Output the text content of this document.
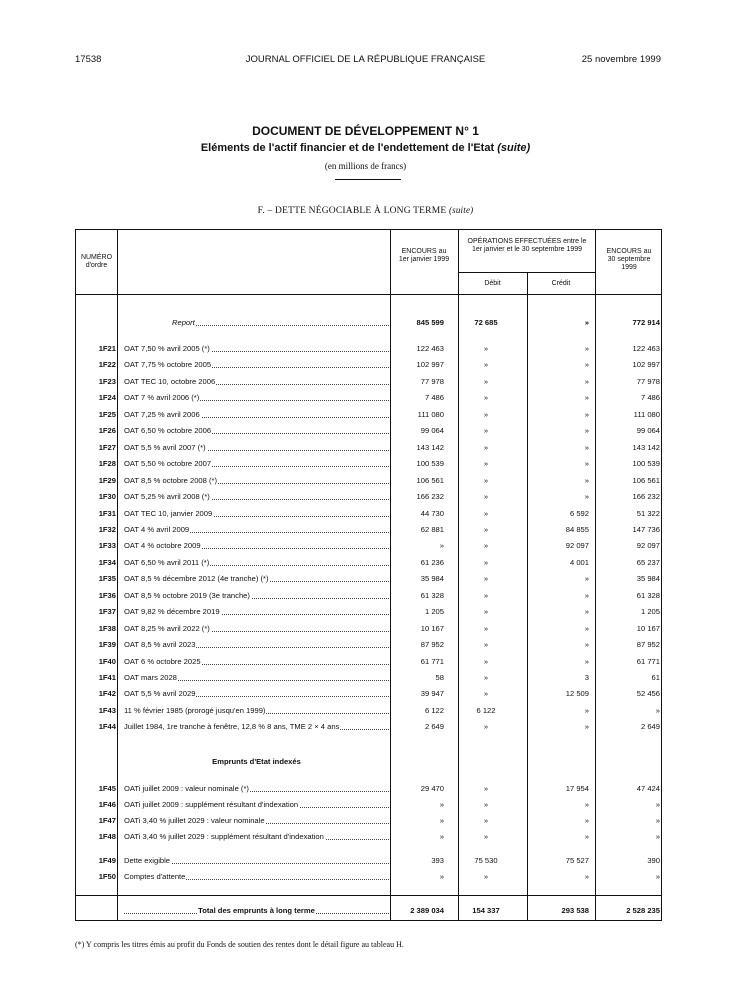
17538	JOURNAL OFFICIEL DE LA RÉPUBLIQUE FRANÇAISE	25 novembre 1999
DOCUMENT DE DÉVELOPPEMENT N° 1
Eléments de l'actif financier et de l'endettement de l'Etat (suite)
(en millions de francs)
F. – DETTE NÉGOCIABLE À LONG TERME (suite)
NUMÉRO d'ordre
ENCOURS au 1er janvier 1999
OPÉRATIONS EFFECTUÉES entre le 1er janvier et le 30 septembre 1999
Débit	Crédit
ENCOURS au 30 septembre 1999
Report	845 599	72 685	»	772 914
1F21 OAT 7,50 % avril 2005 (*)	122 463	»	»	122 463
1F22 OAT 7,75 % octobre 2005	102 997	»	»	102 997
1F23 OAT TEC 10, octobre 2006	77 978	»	»	77 978
1F24 OAT 7 % avril 2006 (*)	7 486	»	»	7 486
1F25 OAT 7,25 % avril 2006	111 080	»	»	111 080
1F26 OAT 6,50 % octobre 2006	99 064	»	»	99 064
1F27 OAT 5,5 % avril 2007 (*)	143 142	»	»	143 142
1F28 OAT 5,50 % octobre 2007	100 539	»	»	100 539
1F29 OAT 8,5 % octobre 2008 (*)	106 561	»	»	106 561
1F30 OAT 5,25 % avril 2008 (*)	166 232	»	»	166 232
1F31 OAT TEC 10, janvier 2009	44 730	»	6 592	51 322
1F32 OAT 4 % avril 2009	62 881	»	84 855	147 736
1F33 OAT 4 % octobre 2009	»	»	92 097	92 097
1F34 OAT 6,50 % avril 2011 (*)	61 236	»	4 001	65 237
1F35 OAT 8,5 % décembre 2012 (4e tranche) (*)	35 984	»	»	35 984
1F36 OAT 8,5 % octobre 2019 (3e tranche)	61 328	»	»	61 328
1F37 OAT 9,82 % décembre 2019	1 205	»	»	1 205
1F38 OAT 8,25 % avril 2022 (*)	10 167	»	»	10 167
1F39 OAT 8,5 % avril 2023	87 952	»	»	87 952
1F40 OAT 6 % octobre 2025	61 771	»	»	61 771
1F41 OAT mars 2028	58	»	3	61
1F42 OAT 5,5 % avril 2029	39 947	»	12 509	52 456
1F43 11 % février 1985 (prorogé jusqu'en 1999)	6 122	6 122	»	»
1F44 Juillet 1984, 1re tranche à fenêtre, 12,8 % 8 ans, TME 2 × 4 ans	2 649	»	»	2 649
Emprunts d'Etat indexés
1F45 OATi juillet 2009 : valeur nominale (*)	29 470	»	17 954	47 424
1F46 OATi juillet 2009 : supplément résultant d'indexation	»	»	»	»
1F47 OATi 3,40 % juillet 2029 : valeur nominale	»	»	»	»
1F48 OATi 3,40 % juillet 2029 : supplément résultant d'indexation	»	»	»	»
1F49 Dette exigible	393	75 530	75 527	390
1F50 Comptes d'attente	»	»	»	»
Total des emprunts à long terme	2 389 034	154 337	293 538	2 528 235
(*) Y compris les titres émis au profit du Fonds de soutien des rentes dont le détail figure au tableau H.
